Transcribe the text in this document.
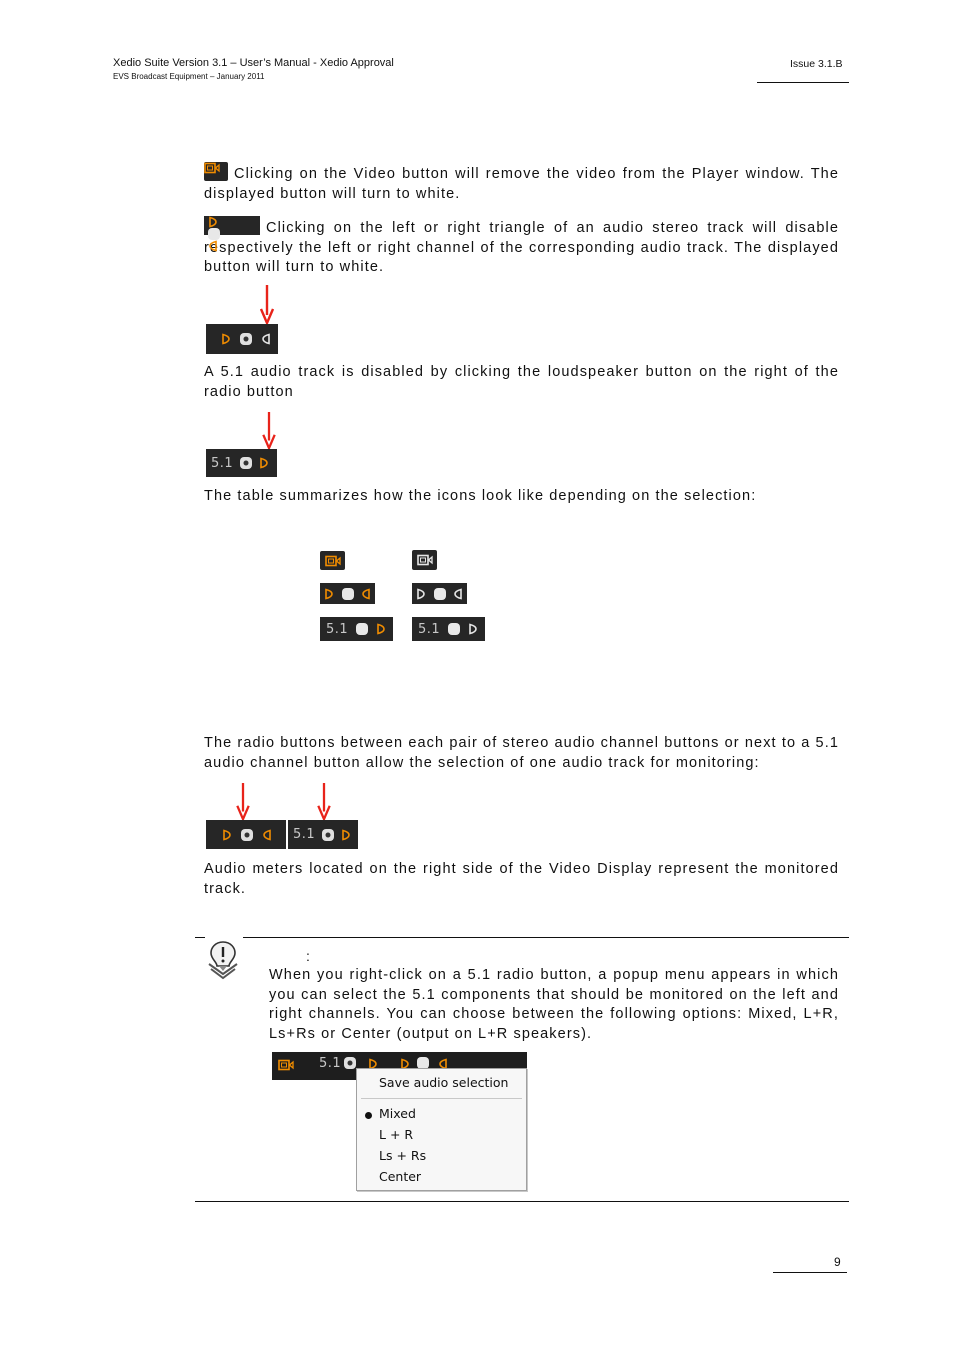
Xedio Suite Version 3.1 – User’s Manual - Xedio Approval
EVS Broadcast Equipment – January 2011
Issue 3.1.B
Clicking on the Video button will remove the video from the Player window. The displayed button will turn to white.
Clicking on the left or right triangle of an audio stereo track will disable respectively the left or right channel of the corresponding audio track. The displayed button will turn to white.
A 5.1 audio track is disabled by clicking the loudspeaker button on the right of the radio button
5.1
The table summarizes how the icons look like depending on the selection:
5.1	5.1
The radio buttons between each pair of stereo audio channel buttons or next to a 5.1 audio channel button allow the selection of one audio track for monitoring:
5.1
Audio meters located on the right side of the Video Display represent the monitored track.
:
When you right-click on a 5.1 radio button, a popup menu appears in which you can select the 5.1 components that should be monitored on the left and right channels. You can choose between the following options: Mixed, L+R, Ls+Rs or Center (output on L+R speakers).
5.1
Save audio selection
Mixed
L + R
Ls + Rs
Center
9
